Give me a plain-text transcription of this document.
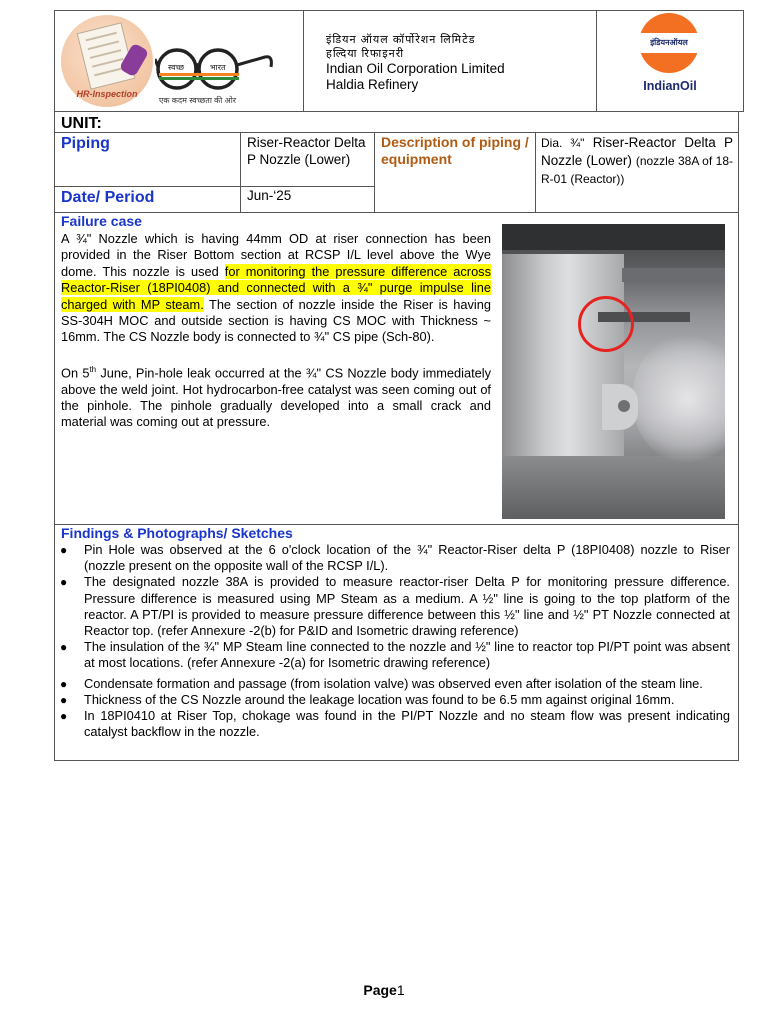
HR-Inspection
स्वच्छ	भारत
एक कदम स्वच्छता की ओर
इंडियन ऑयल कॉर्पोरेशन लिमिटेड
हल्दिया रिफाइनरी
Indian Oil Corporation Limited
Haldia Refinery
इंडियनऑयल
IndianOil
UNIT:
Piping	Riser-Reactor Delta P Nozzle (Lower)
Description of piping / equipment
Dia. ¾" Riser-Reactor Delta P Nozzle (Lower) (nozzle 38A of 18-R-01 (Reactor))
Date/ Period	Jun-‘25
Failure case

A ¾" Nozzle which is having 44mm OD at riser connection has been provided in the Riser Bottom section at RCSP I/L level above the Wye dome. This nozzle is used for monitoring the pressure difference across Reactor-Riser (18PI0408) and connected with a ¾" purge impulse line charged with MP steam. The section of nozzle inside the Riser is having SS-304H MOC and outside section is having CS MOC with Thickness ~ 16mm. The CS Nozzle body is connected to ¾" CS pipe (Sch-80).

On 5th June, Pin-hole leak occurred at the ¾" CS Nozzle body immediately above the weld joint. Hot hydrocarbon-free catalyst was seen coming out of the pinhole. The pinhole gradually developed into a small crack and material was coming out at pressure.

Findings & Photographs/ Sketches
● Pin Hole was observed at the 6 o'clock location of the ¾" Reactor-Riser delta P (18PI0408) nozzle to Riser (nozzle present on the opposite wall of the RCSP I/L).
● The designated nozzle 38A is provided to measure reactor-riser Delta P for monitoring pressure difference. Pressure difference is measured using MP Steam as a medium. A ½" line is going to the top platform of the reactor. A PT/PI is provided to measure pressure difference between this ½" line and ½" PT Nozzle connected at Reactor top. (refer Annexure -2(b) for P&ID and Isometric drawing reference)
● The insulation of the ¾" MP Steam line connected to the nozzle and ½" line to reactor top PI/PT point was absent at most locations. (refer Annexure -2(a) for Isometric drawing reference)
● Condensate formation and passage (from isolation valve) was observed even after isolation of the steam line.
● Thickness of the CS Nozzle around the leakage location was found to be 6.5 mm against original 16mm.
● In 18PI0410 at Riser Top, chokage was found in the PI/PT Nozzle and no steam flow was present indicating catalyst backflow in the nozzle.
Page1
